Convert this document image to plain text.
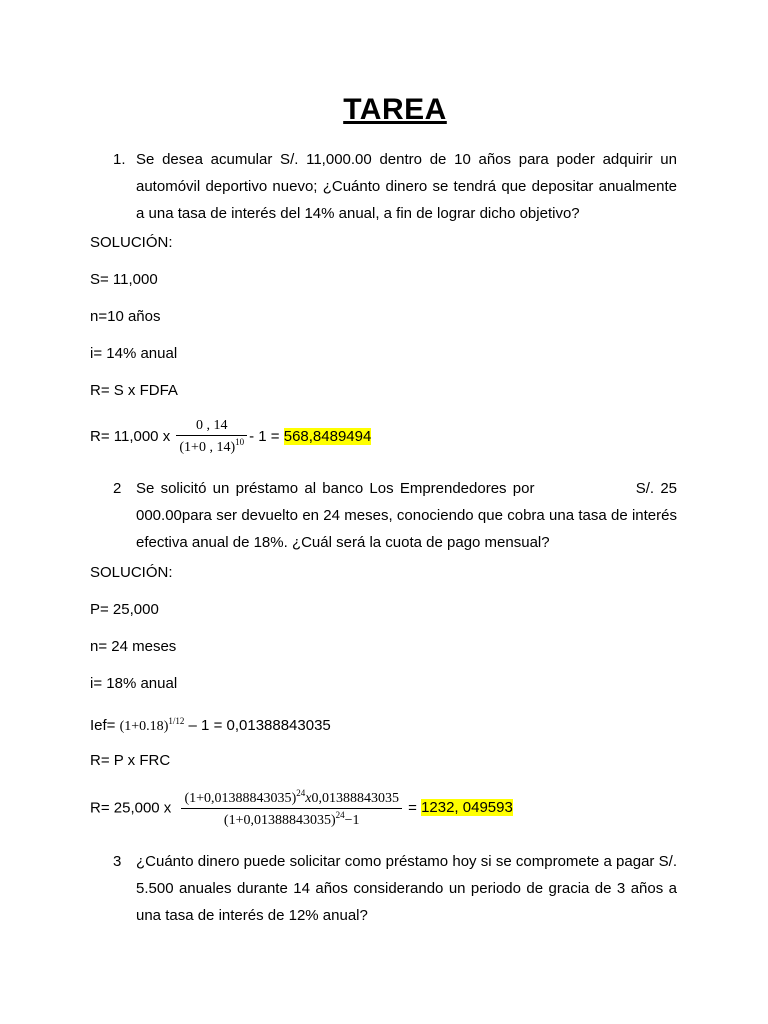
TAREA
1. Se desea acumular S/. 11,000.00 dentro de 10 años para poder adquirir un automóvil deportivo nuevo; ¿Cuánto dinero se tendrá que depositar anualmente a una tasa de interés del 14% anual, a fin de lograr dicho objetivo?
SOLUCIÓN:
S= 11,000
n=10 años
i= 14% anual
R= S x FDFA
R= 11,000 x $\frac{0 , 14}{(1+0 , 14)^{10}} - 1 = 568,8489494$
2 Se solicitó un préstamo al banco Los Emprendedores por	S/. 25 000.00para ser devuelto en 24 meses, conociendo que cobra una tasa de interés efectiva anual de 18%. ¿Cuál será la cuota de pago mensual?
SOLUCIÓN:
P= 25,000
n= 24 meses
i= 18% anual
$Ief= (1+0.18)^{1/12} - 1 = 0,01388843035$
R= P x FRC
R= 25,000 x $\frac{(1+0,01388843035)^{24}x0,01388843035}{(1+0,01388843035)^{24}-1} = 1232$, 049593
3 ¿Cuánto dinero puede solicitar como préstamo hoy si se compromete a pagar S/. 5.500 anuales durante 14 años considerando un periodo de gracia de 3 años a una tasa de interés de 12% anual?
